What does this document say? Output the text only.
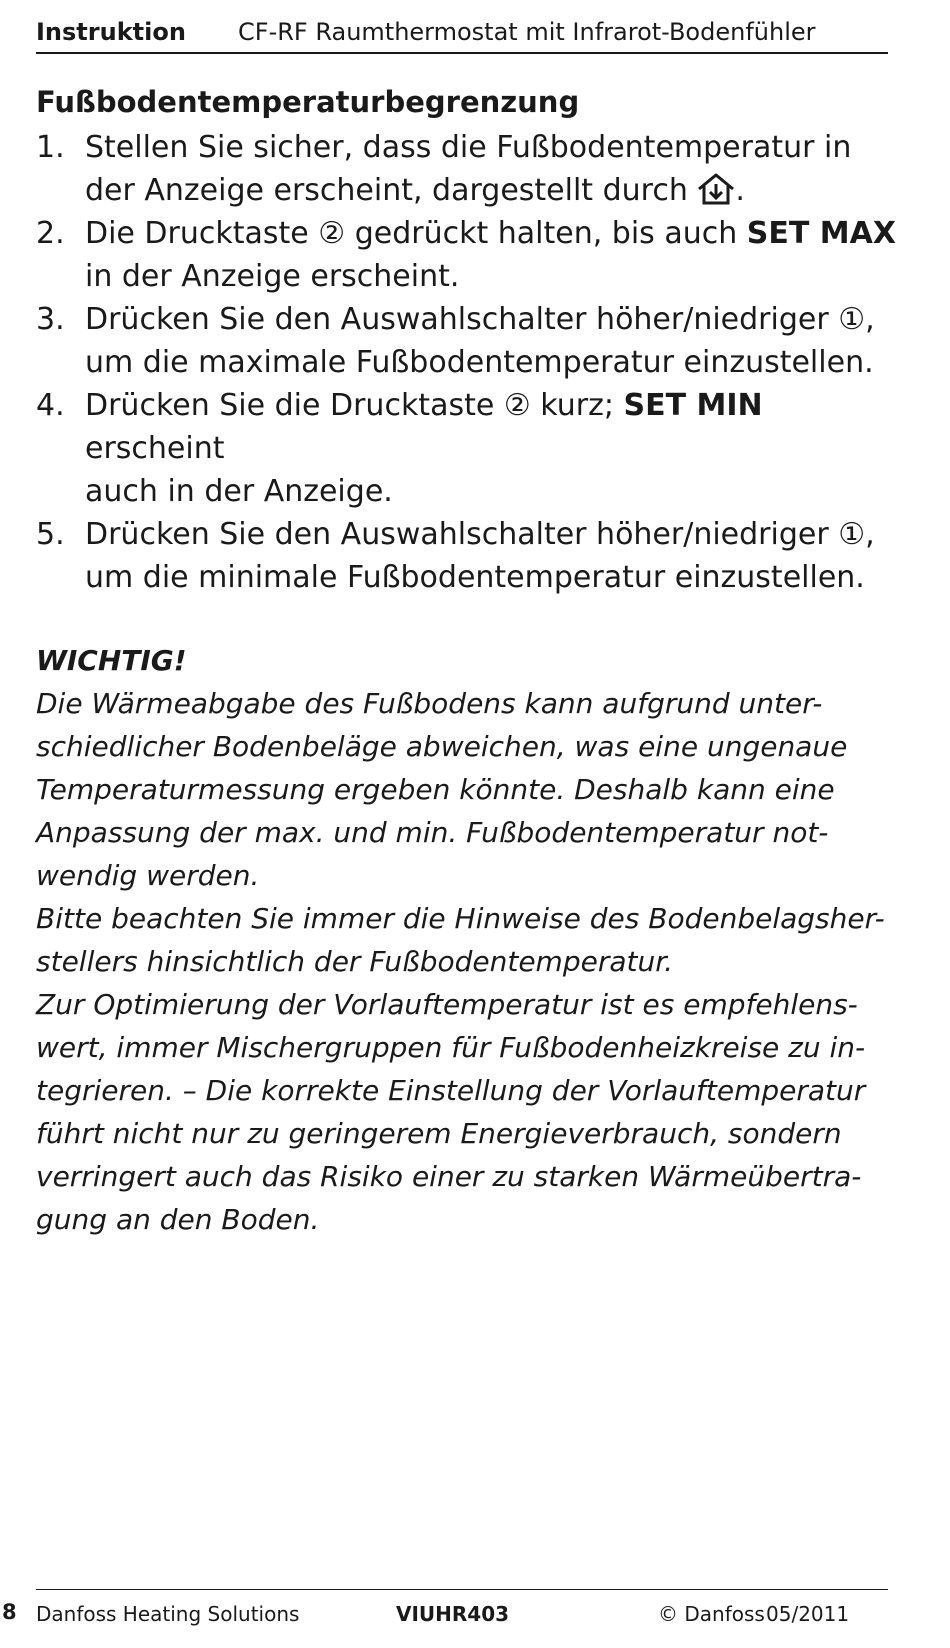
Instruktion	CF-RF Raumthermostat mit Infrarot-Bodenfühler
Fußbodentemperaturbegrenzung
1. Stellen Sie sicher, dass die Fußbodentemperatur in
der Anzeige erscheint, dargestellt durch .
2. Die Drucktaste ② gedrückt halten, bis auch SET MAX
in der Anzeige erscheint.
3. Drücken Sie den Auswahlschalter höher/niedriger ①,
um die maximale Fußbodentemperatur einzustellen.
4. Drücken Sie die Drucktaste ② kurz; SET MIN erscheint
auch in der Anzeige.
5. Drücken Sie den Auswahlschalter höher/niedriger ①,
um die minimale Fußbodentemperatur einzustellen.

WICHTIG!

Die Wärmeabgabe des Fußbodens kann aufgrund unter-
schiedlicher Bodenbeläge abweichen, was eine ungenaue
Temperaturmessung ergeben könnte. Deshalb kann eine
Anpassung der max. und min. Fußbodentemperatur not-
wendig werden.

Bitte beachten Sie immer die Hinweise des Bodenbelagsher-
stellers hinsichtlich der Fußbodentemperatur.

Zur Optimierung der Vorlauftemperatur ist es empfehlens-
wert, immer Mischergruppen für Fußbodenheizkreise zu in-
tegrieren. – Die korrekte Einstellung der Vorlauftemperatur
führt nicht nur zu geringerem Energieverbrauch, sondern
verringert auch das Risiko einer zu starken Wärmeübertra-
gung an den Boden.

8 Danfoss Heating Solutions	VIUHR403	© Danfoss 05/2011
